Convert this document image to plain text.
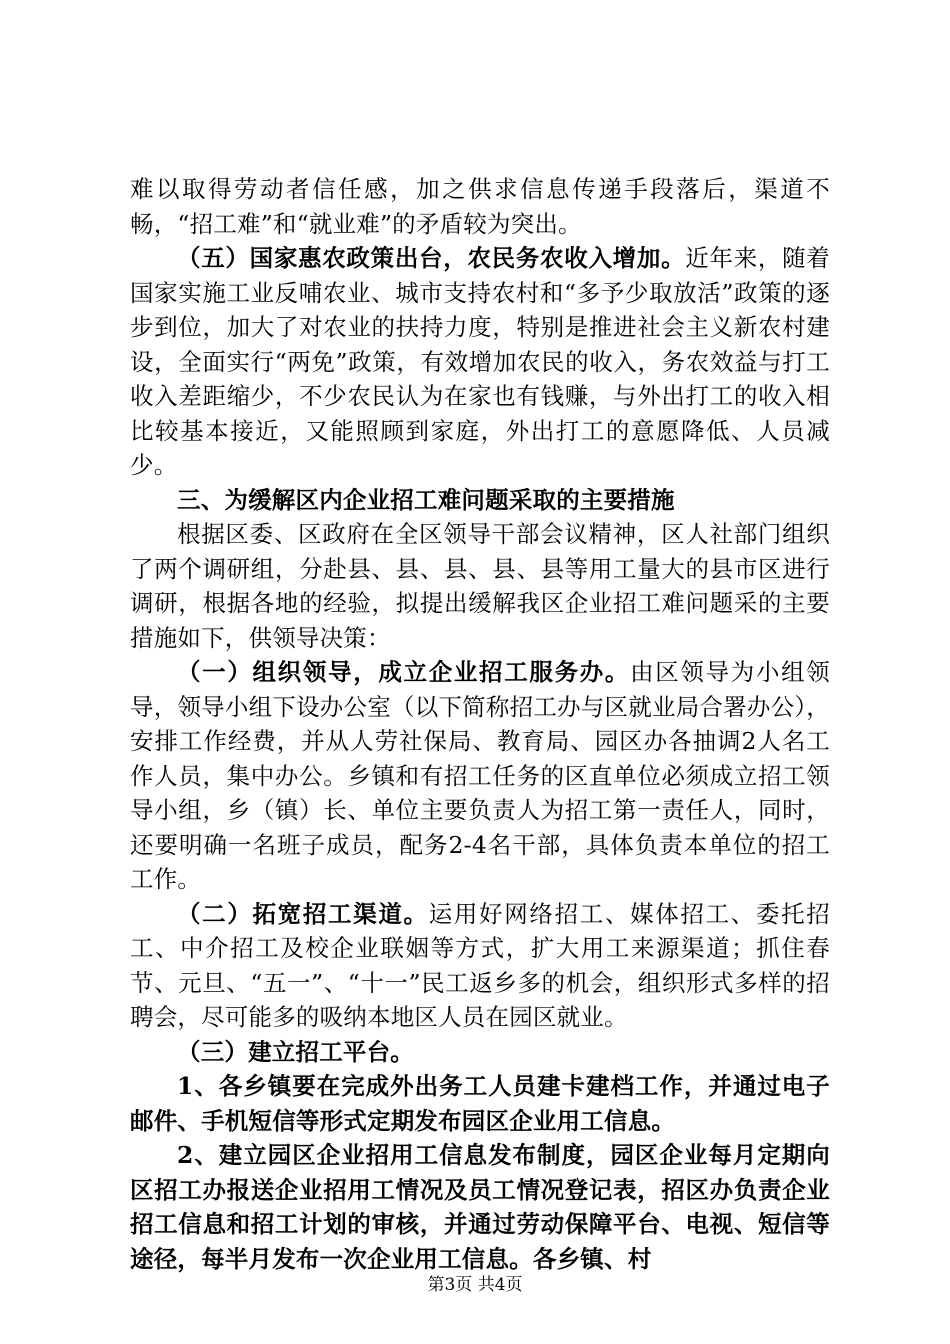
难以取得劳动者信任感，加之供求信息传递手段落后，渠道不畅，“招工难”和“就业难”的矛盾较为突出。

（五）国家惠农政策出台，农民务农收入增加。近年来，随着国家实施工业反哺农业、城市支持农村和“多予少取放活”政策的逐步到位，加大了对农业的扶持力度，特别是推进社会主义新农村建设，全面实行“两免”政策，有效增加农民的收入，务农效益与打工收入差距缩少，不少农民认为在家也有钱赚，与外出打工的收入相比较基本接近，又能照顾到家庭，外出打工的意愿降低、人员减少。

三、为缓解区内企业招工难问题采取的主要措施

根据区委、区政府在全区领导干部会议精神，区人社部门组织了两个调研组，分赴县、县、县、县、县等用工量大的县市区进行调研，根据各地的经验，拟提出缓解我区企业招工难问题采的主要措施如下，供领导决策：

（一）组织领导，成立企业招工服务办。由区领导为小组领导，领导小组下设办公室（以下简称招工办与区就业局合署办公），安排工作经费，并从人劳社保局、教育局、园区办各抽调2人名工作人员，集中办公。乡镇和有招工任务的区直单位必须成立招工领导小组，乡（镇）长、单位主要负责人为招工第一责任人，同时，还要明确一名班子成员，配务2-4名干部，具体负责本单位的招工工作。

（二）拓宽招工渠道。运用好网络招工、媒体招工、委托招工、中介招工及校企业联姻等方式，扩大用工来源渠道；抓住春节、元旦、“五一”、“十一”民工返乡多的机会，组织形式多样的招聘会，尽可能多的吸纳本地区人员在园区就业。

（三）建立招工平台。

1、各乡镇要在完成外出务工人员建卡建档工作，并通过电子邮件、手机短信等形式定期发布园区企业用工信息。

2、建立园区企业招用工信息发布制度，园区企业每月定期向区招工办报送企业招用工情况及员工情况登记表，招区办负责企业招工信息和招工计划的审核，并通过劳动保障平台、电视、短信等途径，每半月发布一次企业用工信息。各乡镇、村

第3页 共4页
